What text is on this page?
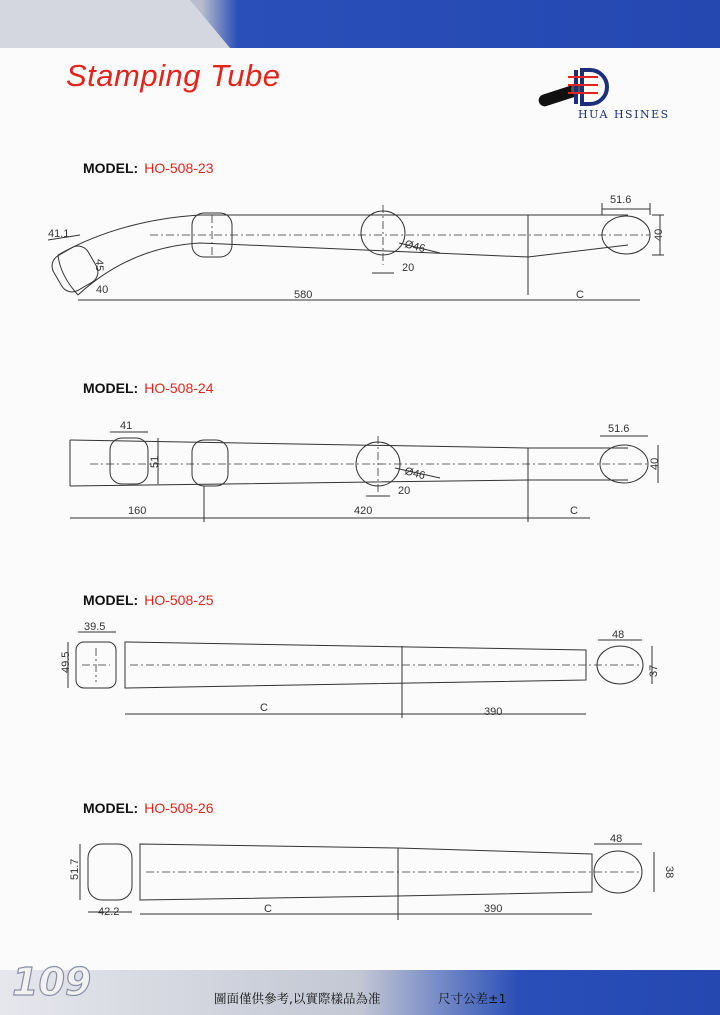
Stamping Tube
HUA HSINES
MODEL: HO-508-23
41.1
45
40
51.6
40
Ø46
20
580	C
MODEL: HO-508-24
41
51
51.6
40
Ø46
20
160	420	C
MODEL: HO-508-25
39.5
49.5
48
37
C	390
MODEL: HO-508-26
51.7
42.2
48
38
C	390
109	圖面僅供參考,以實際樣品為准	尺寸公差±1
